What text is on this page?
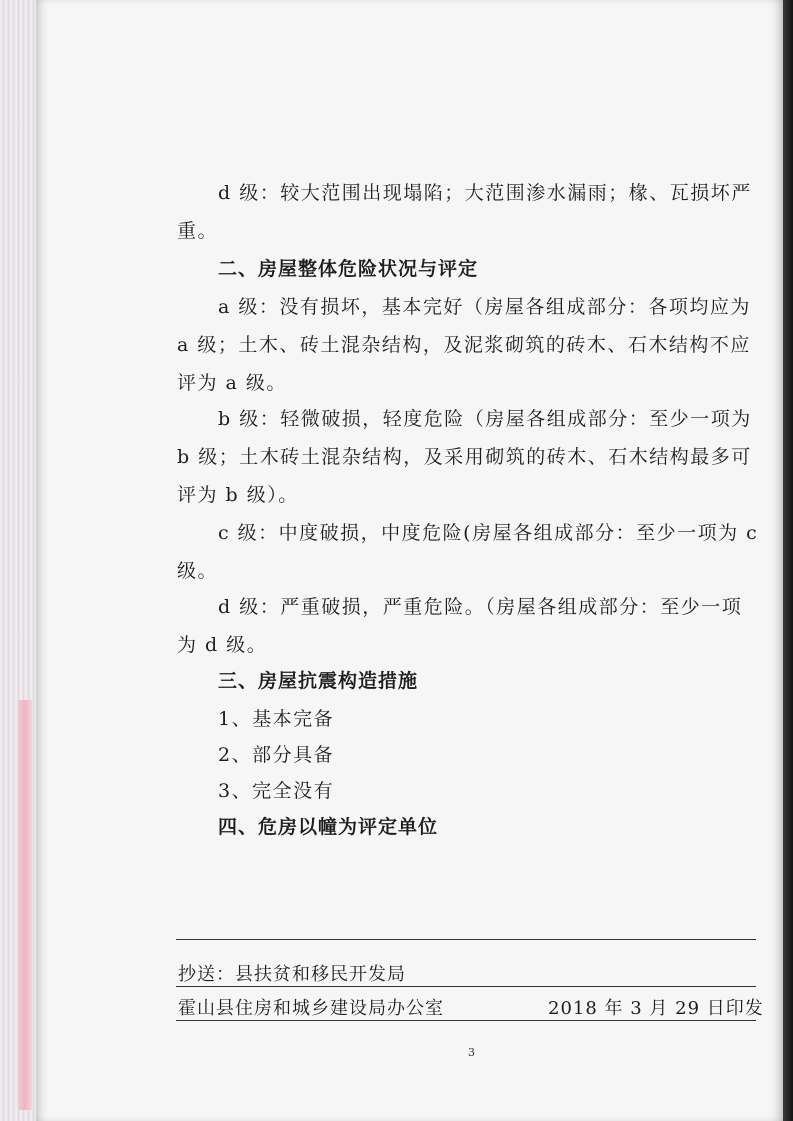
d 级：较大范围出现塌陷；大范围渗水漏雨；椽、瓦损坏严
重。
二、房屋整体危险状况与评定
a 级：没有损坏，基本完好（房屋各组成部分：各项均应为
a 级；土木、砖土混杂结构，及泥浆砌筑的砖木、石木结构不应
评为 a 级。
b 级：轻微破损，轻度危险（房屋各组成部分：至少一项为
b 级；土木砖土混杂结构，及采用砌筑的砖木、石木结构最多可
评为 b 级）。
c 级：中度破损，中度危险(房屋各组成部分：至少一项为 c
级。
d 级：严重破损，严重危险。（房屋各组成部分：至少一项
为 d 级。
三、房屋抗震构造措施
1、基本完备
2、部分具备
3、完全没有
四、危房以幢为评定单位
抄送：县扶贫和移民开发局
霍山县住房和城乡建设局办公室	2018 年 3 月 29 日印发
3
